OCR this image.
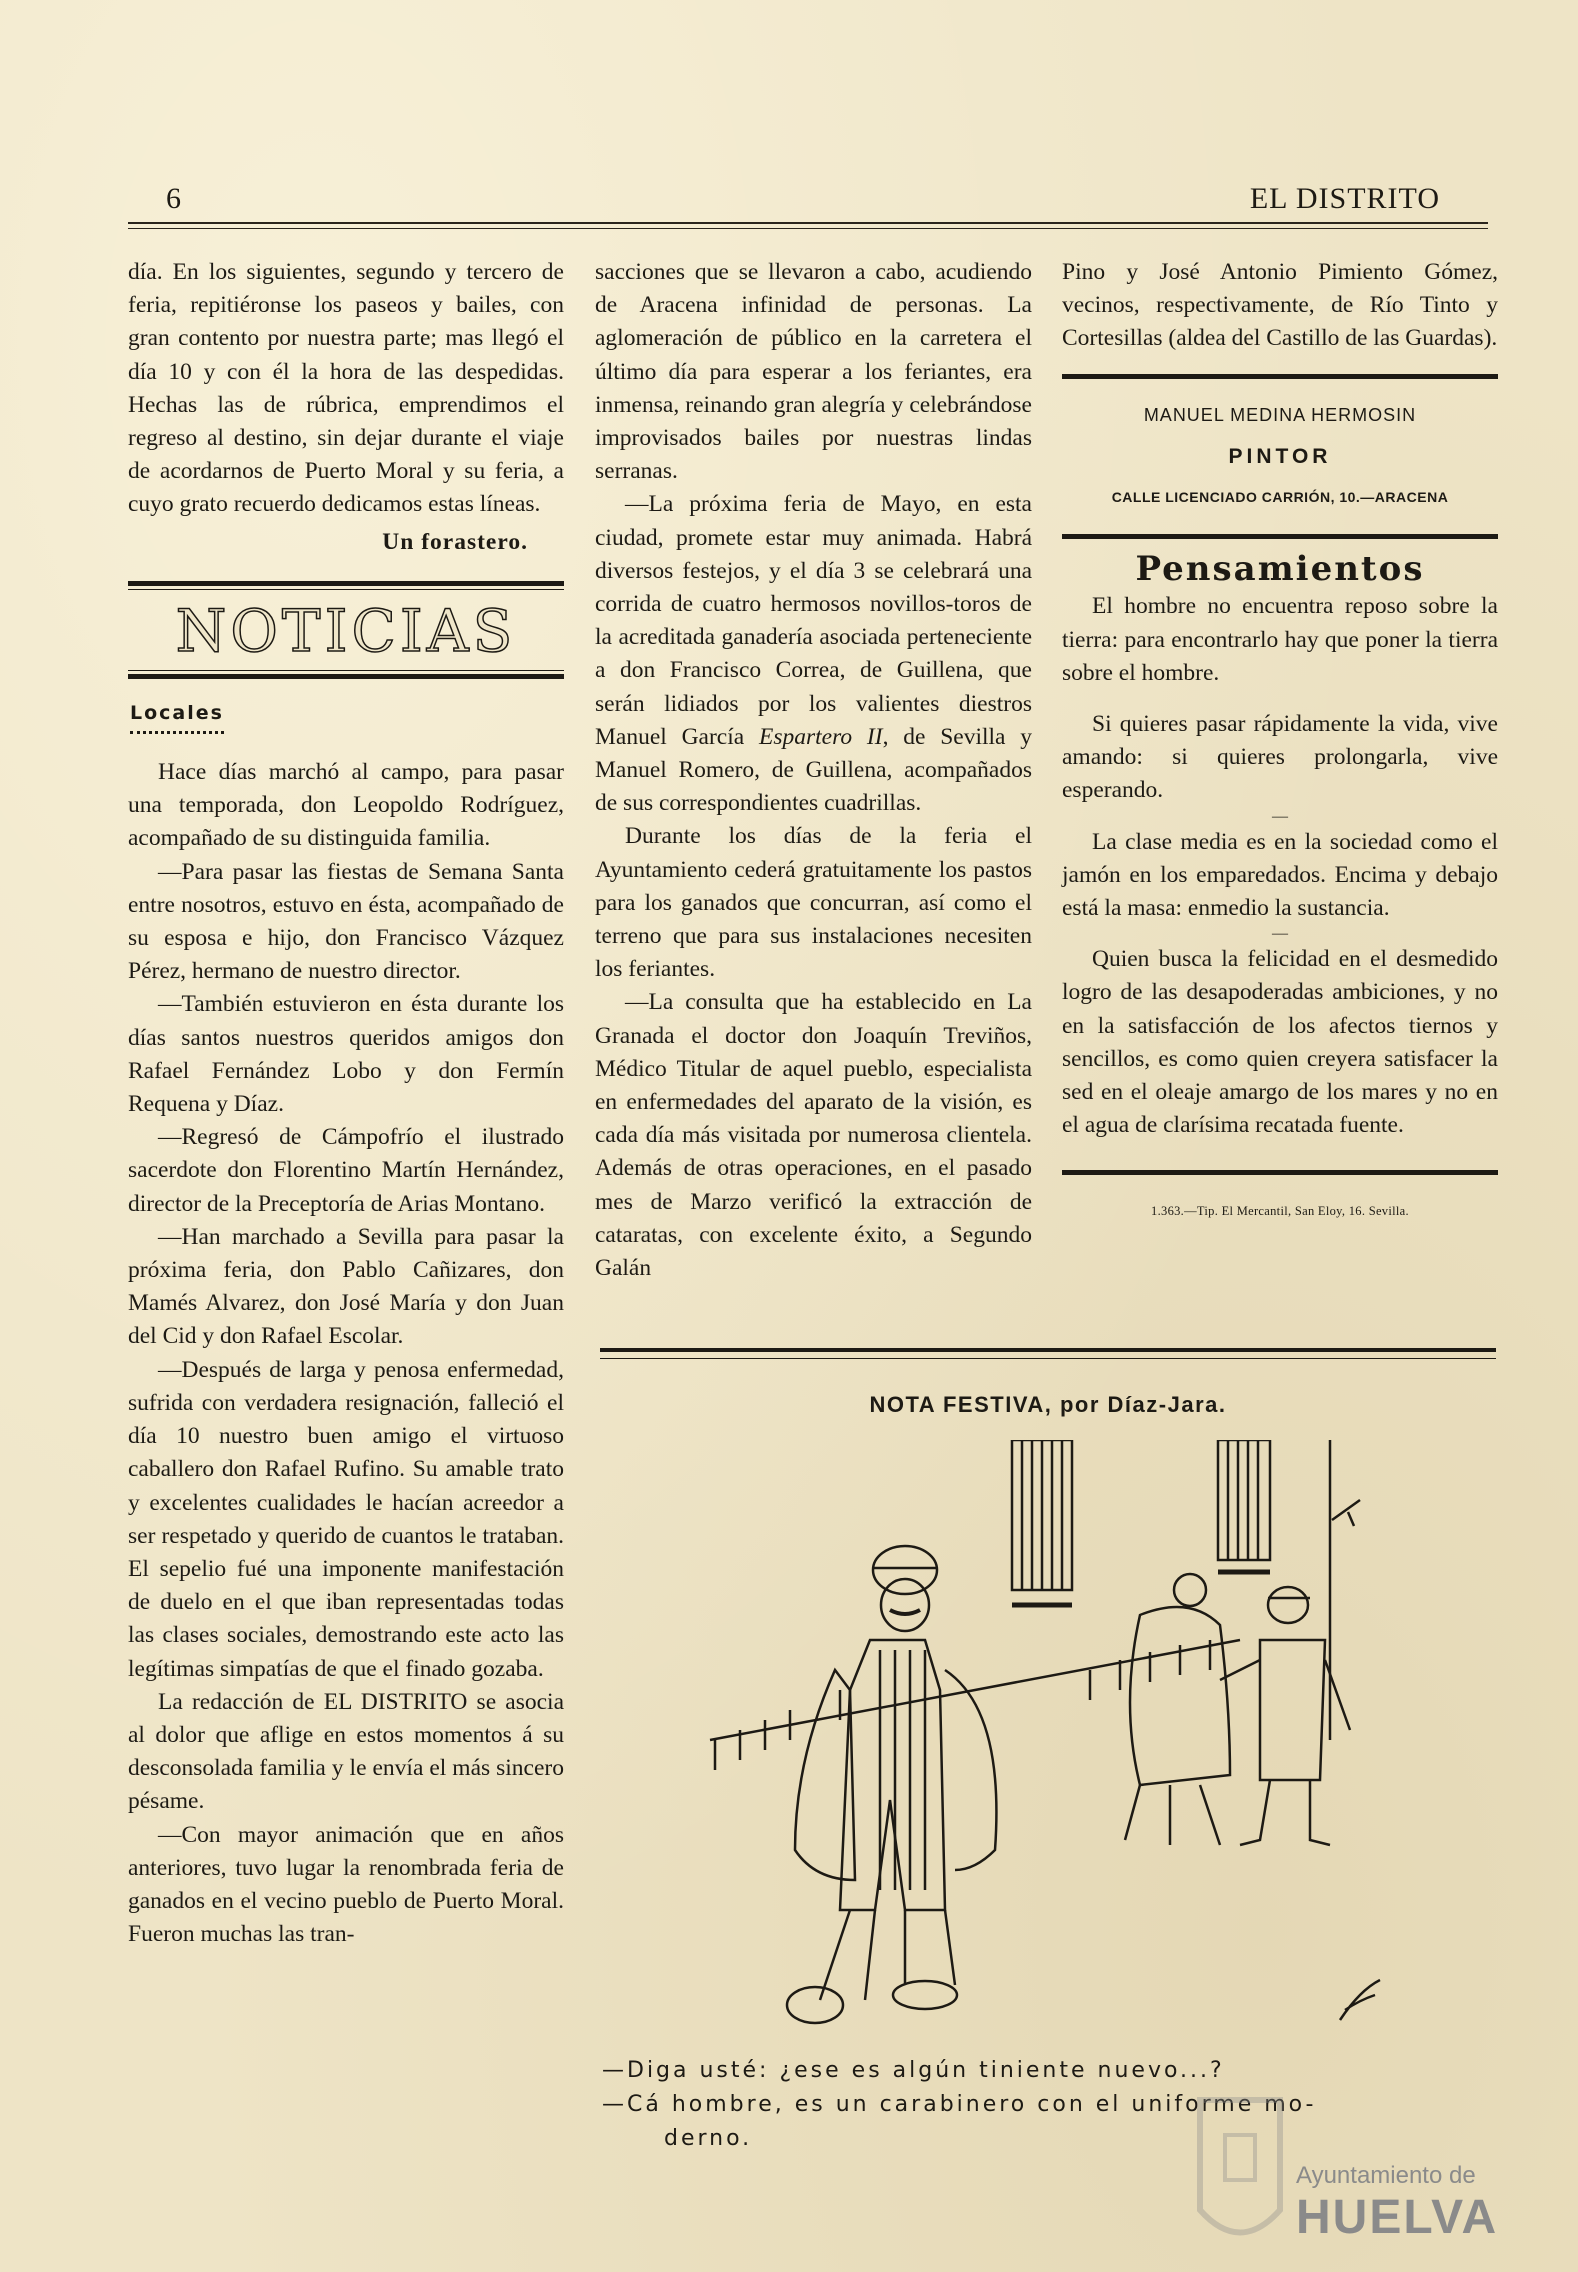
6	EL DISTRITO

día. En los siguientes, segundo y tercero de feria, repitiéronse los paseos y bailes, con gran contento por nuestra parte; mas llegó el día 10 y con él la hora de las despedidas. Hechas las de rúbrica, emprendimos el regreso al destino, sin dejar durante el viaje de acordarnos de Puerto Moral y su feria, a cuyo grato recuerdo dedicamos estas líneas.

Un forastero.

NOTICIAS
Locales

Hace días marchó al campo, para pasar una temporada, don Leopoldo Rodríguez, acompañado de su distinguida familia.

—Para pasar las fiestas de Semana Santa entre nosotros, estuvo en ésta, acompañado de su esposa e hijo, don Francisco Vázquez Pérez, hermano de nuestro director.

—También estuvieron en ésta durante los días santos nuestros queridos amigos don Rafael Fernández Lobo y don Fermín Requena y Díaz.

—Regresó de Cámpofrío el ilustrado sacerdote don Florentino Martín Hernández, director de la Preceptoría de Arias Montano.

—Han marchado a Sevilla para pasar la próxima feria, don Pablo Cañizares, don Mamés Alvarez, don José María y don Juan del Cid y don Rafael Escolar.

—Después de larga y penosa enfermedad, sufrida con verdadera resignación, falleció el día 10 nuestro buen amigo el virtuoso caballero don Rafael Rufino. Su amable trato y excelentes cualidades le hacían acreedor a ser respetado y querido de cuantos le trataban. El sepelio fué una imponente manifestación de duelo en el que iban representadas todas las clases sociales, demostrando este acto las legítimas simpatías de que el finado gozaba.

La redacción de EL DISTRITO se asocia al dolor que aflige en estos momentos á su desconsolada familia y le envía el más sincero pésame.

—Con mayor animación que en años anteriores, tuvo lugar la renombrada feria de ganados en el vecino pueblo de Puerto Moral. Fueron muchas las tran-

sacciones que se llevaron a cabo, acudiendo de Aracena infinidad de personas. La aglomeración de público en la carretera el último día para esperar a los feriantes, era inmensa, reinando gran alegría y celebrándose improvisados bailes por nuestras lindas serranas.

—La próxima feria de Mayo, en esta ciudad, promete estar muy animada. Habrá diversos festejos, y el día 3 se celebrará una corrida de cuatro hermosos novillos-toros de la acreditada ganadería asociada perteneciente a don Francisco Correa, de Guillena, que serán lidiados por los valientes diestros Manuel García Espartero II, de Sevilla y Manuel Romero, de Guillena, acompañados de sus correspondientes cuadrillas.

Durante los días de la feria el Ayuntamiento cederá gratuitamente los pastos para los ganados que concurran, así como el terreno que para sus instalaciones necesiten los feriantes.

—La consulta que ha establecido en La Granada el doctor don Joaquín Treviños, Médico Titular de aquel pueblo, especialista en enfermedades del aparato de la visión, es cada día más visitada por numerosa clientela. Además de otras operaciones, en el pasado mes de Marzo verificó la extracción de cataratas, con excelente éxito, a Segundo Galán

Pino y José Antonio Pimiento Gómez, vecinos, respectivamente, de Río Tinto y Cortesillas (aldea del Castillo de las Guardas).

MANUEL MEDINA HERMOSIN
PINTOR
CALLE LICENCIADO CARRIÓN, 10.—ARACENA
Pensamientos

El hombre no encuentra reposo sobre la tierra: para encontrarlo hay que poner la tierra sobre el hombre.

Si quieres pasar rápidamente la vida, vive amando: si quieres prolongarla, vive esperando.

—

La clase media es en la sociedad como el jamón en los emparedados. Encima y debajo está la masa: enmedio la sustancia.

—

Quien busca la felicidad en el desmedido logro de las desapoderadas ambiciones, y no en la satisfacción de los afectos tiernos y sencillos, es como quien creyera satisfacer la sed en el oleaje amargo de los mares y no en el agua de clarísima recatada fuente.

1.363.—Tip. El Mercantil, San Eloy, 16. Sevilla.
NOTA FESTIVA, por Díaz-Jara.
—Diga usté: ¿ese es algún tiniente nuevo...?
—Cá hombre, es un carabinero con el uniforme mo-
derno.
Ayuntamiento de
HUELVA
